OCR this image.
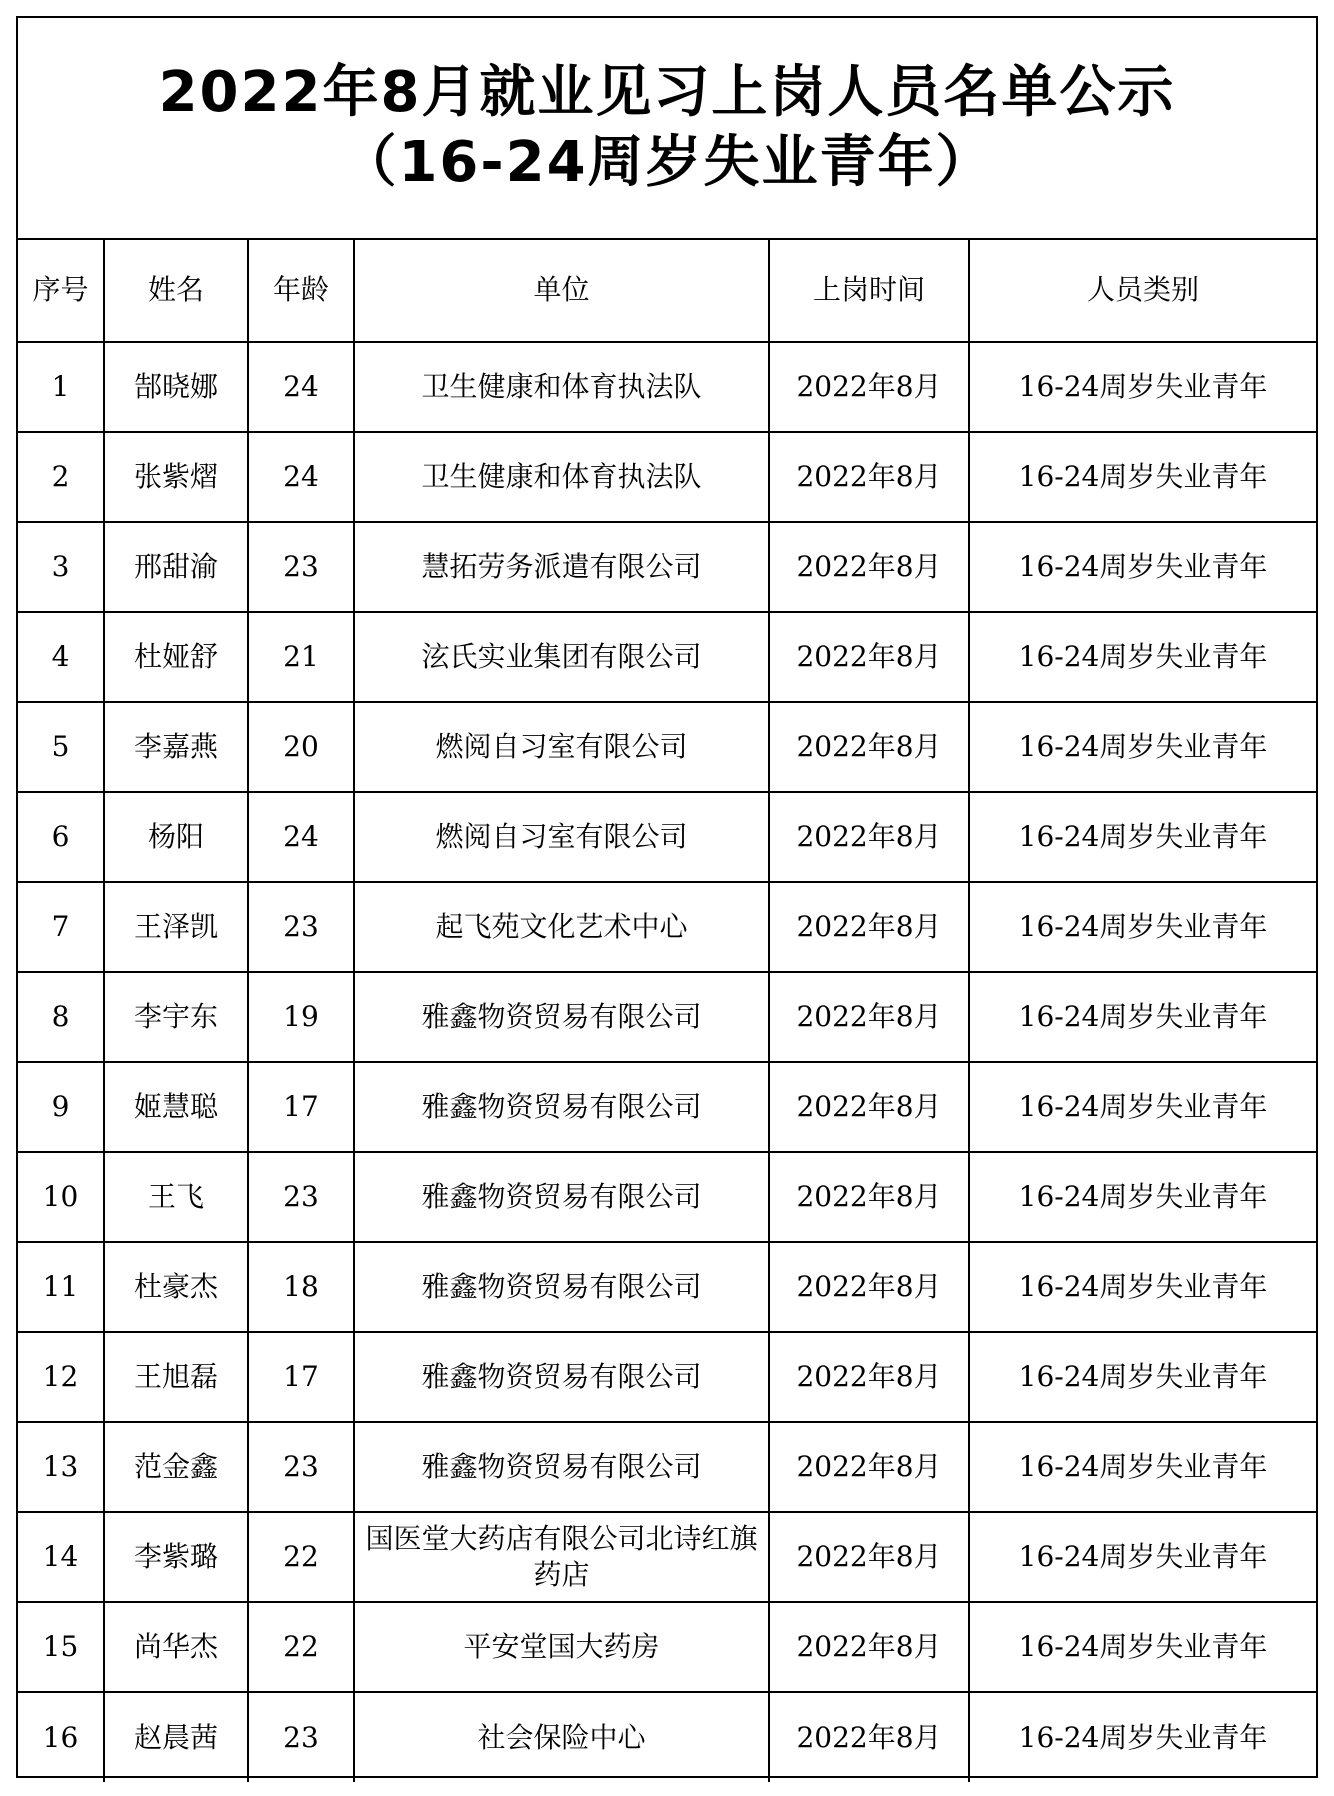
2022年8月就业见习上岗人员名单公示
（16-24周岁失业青年）
序号	姓名	年龄	单位	上岗时间	人员类别
1	郜晓娜	24	卫生健康和体育执法队	2022年8月	16-24周岁失业青年
2	张紫熠	24	卫生健康和体育执法队	2022年8月	16-24周岁失业青年
3	邢甜渝	23	慧拓劳务派遣有限公司	2022年8月	16-24周岁失业青年
4	杜娅舒	21	泫氏实业集团有限公司	2022年8月	16-24周岁失业青年
5	李嘉燕	20	燃阅自习室有限公司	2022年8月	16-24周岁失业青年
6	杨阳	24	燃阅自习室有限公司	2022年8月	16-24周岁失业青年
7	王泽凯	23	起飞苑文化艺术中心	2022年8月	16-24周岁失业青年
8	李宇东	19	雅鑫物资贸易有限公司	2022年8月	16-24周岁失业青年
9	姬慧聪	17	雅鑫物资贸易有限公司	2022年8月	16-24周岁失业青年
10	王飞	23	雅鑫物资贸易有限公司	2022年8月	16-24周岁失业青年
11	杜豪杰	18	雅鑫物资贸易有限公司	2022年8月	16-24周岁失业青年
12	王旭磊	17	雅鑫物资贸易有限公司	2022年8月	16-24周岁失业青年
13	范金鑫	23	雅鑫物资贸易有限公司	2022年8月	16-24周岁失业青年
14	李紫璐	22	国医堂大药店有限公司北诗红旗药店	2022年8月	16-24周岁失业青年
15	尚华杰	22	平安堂国大药房	2022年8月	16-24周岁失业青年
16	赵晨茜	23	社会保险中心	2022年8月	16-24周岁失业青年
